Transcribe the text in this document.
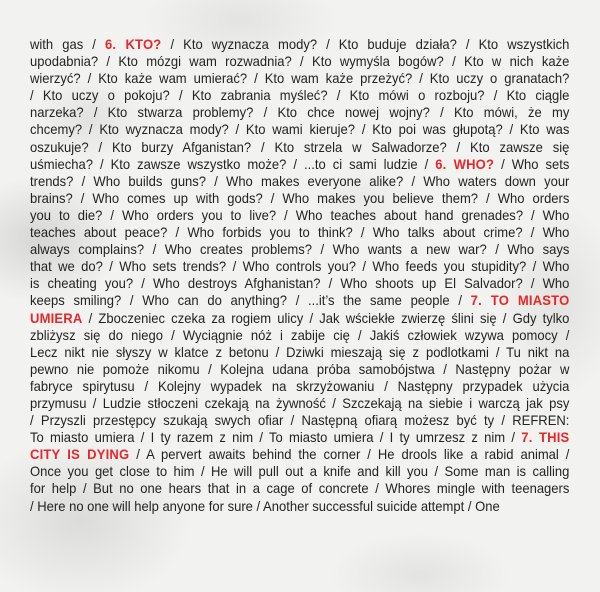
with gas / 6. KTO? / Kto wyznacza mody? / Kto buduje działa? / Kto wszystkich
upodabnia? / Kto mózgi wam rozwadnia? / Kto wymyśla bogów? / Kto w nich każe
wierzyć? / Kto każe wam umierać? / Kto wam każe przeżyć? / Kto uczy o granatach?
/ Kto uczy o pokoju? / Kto zabrania myśleć? / Kto mówi o rozboju? / Kto ciągle
narzeka? / Kto stwarza problemy? / Kto chce nowej wojny? / Kto mówi, że my
chcemy? / Kto wyznacza mody? / Kto wami kieruje? / Kto poi was głupotą? / Kto was
oszukuje? / Kto burzy Afganistan? / Kto strzela w Salwadorze? / Kto zawsze się
uśmiecha? / Kto zawsze wszystko może? / ...to ci sami ludzie / 6. WHO? / Who sets
trends? / Who builds guns? / Who makes everyone alike? / Who waters down your
brains? / Who comes up with gods? / Who makes you believe them? / Who orders
you to die? / Who orders you to live? / Who teaches about hand grenades? / Who
teaches about peace? / Who forbids you to think? / Who talks about crime? / Who
always complains? / Who creates problems? / Who wants a new war? / Who says
that we do? / Who sets trends? / Who controls you? / Who feeds you stupidity? / Who
is cheating you? / Who destroys Afghanistan? / Who shoots up El Salvador? / Who
keeps smiling? / Who can do anything? / ...it’s the same people / 7. TO MIASTO
UMIERA / Zboczeniec czeka za rogiem ulicy / Jak wściekłe zwierzę ślini się / Gdy tylko
zbliżysz się do niego / Wyciągnie nóż i zabije cię / Jakiś człowiek wzywa pomocy /
Lecz nikt nie słyszy w klatce z betonu / Dziwki mieszają się z podlotkami / Tu nikt na
pewno nie pomoże nikomu / Kolejna udana próba samobójstwa / Następny pożar w
fabryce spirytusu / Kolejny wypadek na skrzyżowaniu / Następny przypadek użycia
przymusu / Ludzie stłoczeni czekają na żywność / Szczekają na siebie i warczą jak psy
/ Przyszli przestępcy szukają swych ofiar / Następną ofiarą możesz być ty / REFREN:
To miasto umiera / I ty razem z nim / To miasto umiera / I ty umrzesz z nim / 7. THIS
CITY IS DYING / A pervert awaits behind the corner / He drools like a rabid animal /
Once you get close to him / He will pull out a knife and kill you / Some man is calling
for help / But no one hears that in a cage of concrete / Whores mingle with teenagers
/ Here no one will help anyone for sure / Another successful suicide attempt / One
